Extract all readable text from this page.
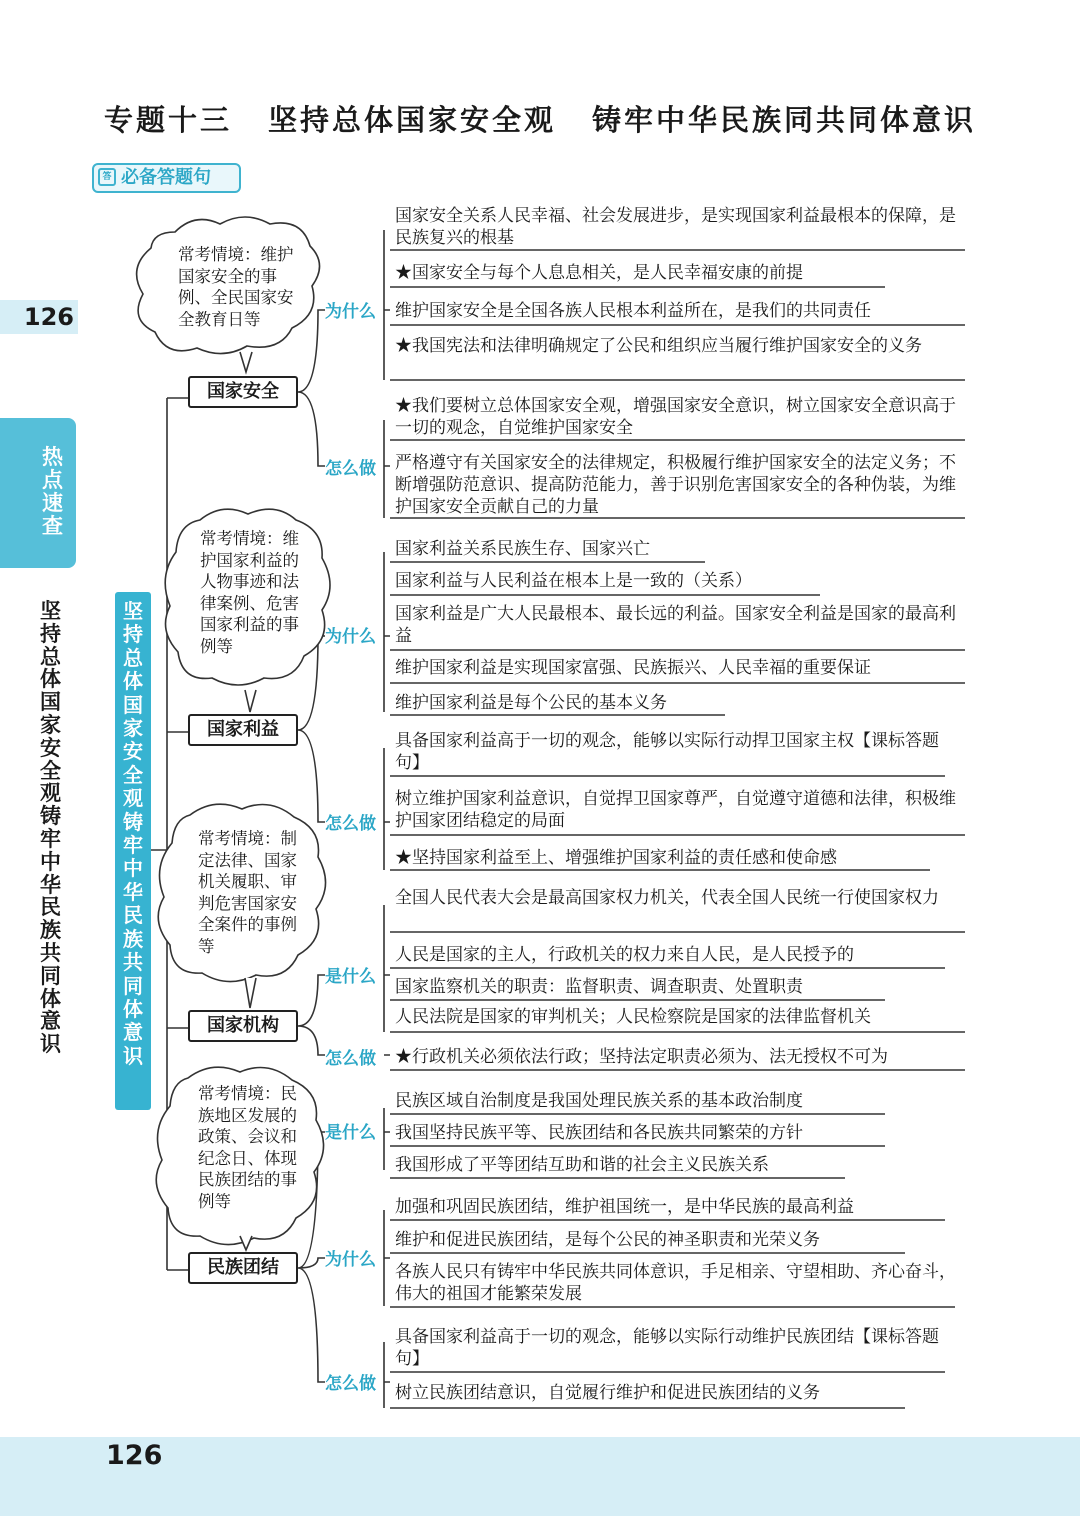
专题十三 坚持总体国家安全观 铸牢中华民族同共同体意识
答 必备答题句
126
热点速查
坚持总体国家安全观　铸牢中华民族共同体意识
常考情境：维护国家安全的事例、全民国家安全教育日等
常考情境：维护国家利益的人物事迹和法律案例、危害国家利益的事例等
常考情境：制定法律、国家机关履职、审判危害国家安全案件的事例等
常考情境：民族地区发展的政策、会议和纪念日、体现民族团结的事例等
国家安全
国家利益
国家机构
民族团结
为什么
怎么做
为什么
怎么做
是什么
怎么做
是什么
为什么
怎么做
国家安全关系人民幸福、社会发展进步，是实现国家利益最根本的保障，是民族复兴的根基
★国家安全与每个人息息相关，是人民幸福安康的前提
维护国家安全是全国各族人民根本利益所在，是我们的共同责任
★我国宪法和法律明确规定了公民和组织应当履行维护国家安全的义务
★我们要树立总体国家安全观，增强国家安全意识，树立国家安全意识高于一切的观念，自觉维护国家安全
严格遵守有关国家安全的法律规定，积极履行维护国家安全的法定义务；不断增强防范意识、提高防范能力，善于识别危害国家安全的各种伪装，为维护国家安全贡献自己的力量
国家利益关系民族生存、国家兴亡
国家利益与人民利益在根本上是一致的（关系）
国家利益是广大人民最根本、最长远的利益。国家安全利益是国家的最高利益
维护国家利益是实现国家富强、民族振兴、人民幸福的重要保证
维护国家利益是每个公民的基本义务
具备国家利益高于一切的观念，能够以实际行动捍卫国家主权【课标答题句】
树立维护国家利益意识，自觉捍卫国家尊严，自觉遵守道德和法律，积极维护国家团结稳定的局面
★坚持国家利益至上、增强维护国家利益的责任感和使命感
全国人民代表大会是最高国家权力机关，代表全国人民统一行使国家权力
人民是国家的主人，行政机关的权力来自人民，是人民授予的
国家监察机关的职责：监督职责、调查职责、处置职责
人民法院是国家的审判机关；人民检察院是国家的法律监督机关
★行政机关必须依法行政；坚持法定职责必须为、法无授权不可为
民族区域自治制度是我国处理民族关系的基本政治制度
我国坚持民族平等、民族团结和各民族共同繁荣的方针
我国形成了平等团结互助和谐的社会主义民族关系
加强和巩固民族团结，维护祖国统一，是中华民族的最高利益
维护和促进民族团结，是每个公民的神圣职责和光荣义务
各族人民只有铸牢中华民族共同体意识，手足相亲、守望相助、齐心奋斗，伟大的祖国才能繁荣发展
具备国家利益高于一切的观念，能够以实际行动维护民族团结【课标答题句】
树立民族团结意识，自觉履行维护和促进民族团结的义务
坚持总体国家安全观　铸牢中华民族共同体意识
126
